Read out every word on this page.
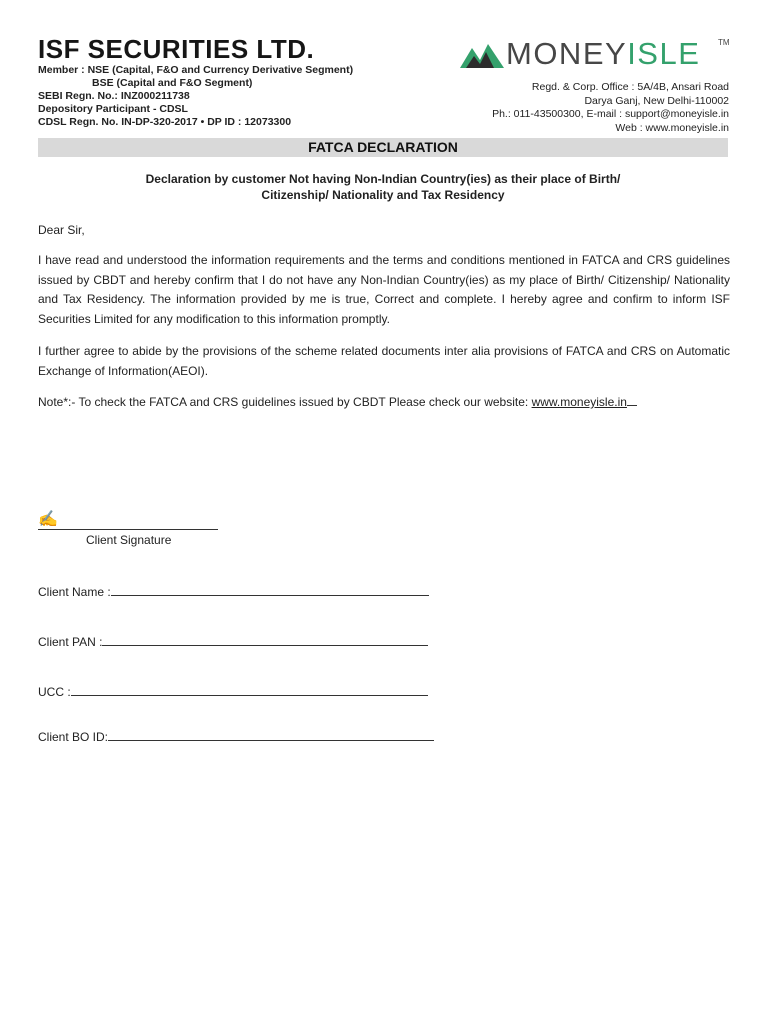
ISF SECURITIES LTD.
Member : NSE (Capital, F&O and Currency Derivative Segment)
BSE (Capital and F&O Segment)
SEBI Regn. No.: INZ000211738
Depository Participant - CDSL
CDSL Regn. No. IN-DP-320-2017 • DP ID : 12073300
MONEYISLE TM
Regd. & Corp. Office : 5A/4B, Ansari Road
Darya Ganj, New Delhi-110002
Ph.: 011-43500300, E-mail : support@moneyisle.in
Web : www.moneyisle.in
FATCA DECLARATION
Declaration by customer Not having Non-Indian Country(ies) as their place of Birth/
Citizenship/ Nationality and Tax Residency
Dear Sir,
I have read and understood the information requirements and the terms and conditions mentioned in FATCA and CRS guidelines issued by CBDT and hereby confirm that I do not have any Non-Indian Country(ies) as my place of Birth/ Citizenship/ Nationality and Tax Residency. The information provided by me is true, Correct and complete. I hereby agree and confirm to inform ISF Securities Limited for any modification to this information promptly.
I further agree to abide by the provisions of the scheme related documents inter alia provisions of FATCA and CRS on Automatic Exchange of Information(AEOI).
Note*:- To check the FATCA and CRS guidelines issued by CBDT Please check our website: www.moneyisle.in
✍
Client Signature
Client Name :
Client PAN :
UCC :
Client BO ID:
